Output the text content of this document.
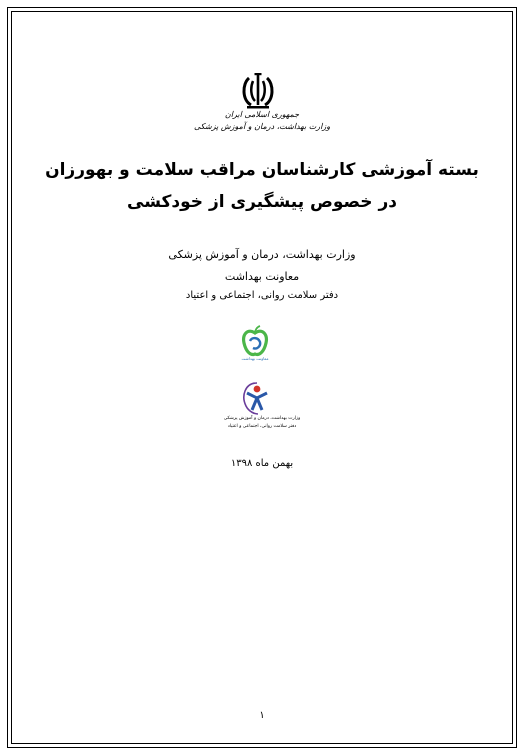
جمهوری اسلامی ایران
وزارت بهداشت، درمان و آموزش پزشکی
بسته آموزشی کارشناسان مراقب سلامت و بهورزان
در خصوص پیشگیری از خودکشی
وزارت بهداشت، درمان و آموزش پزشکی
معاونت بهداشت
دفتر سلامت روانی، اجتماعی و اعتیاد
معاونت بهداشت
وزارت بهداشت، درمان و آموزش پزشکی
دفتر سلامت روانی، اجتماعی و اعتیاد
بهمن ماه ۱۳۹۸
۱
